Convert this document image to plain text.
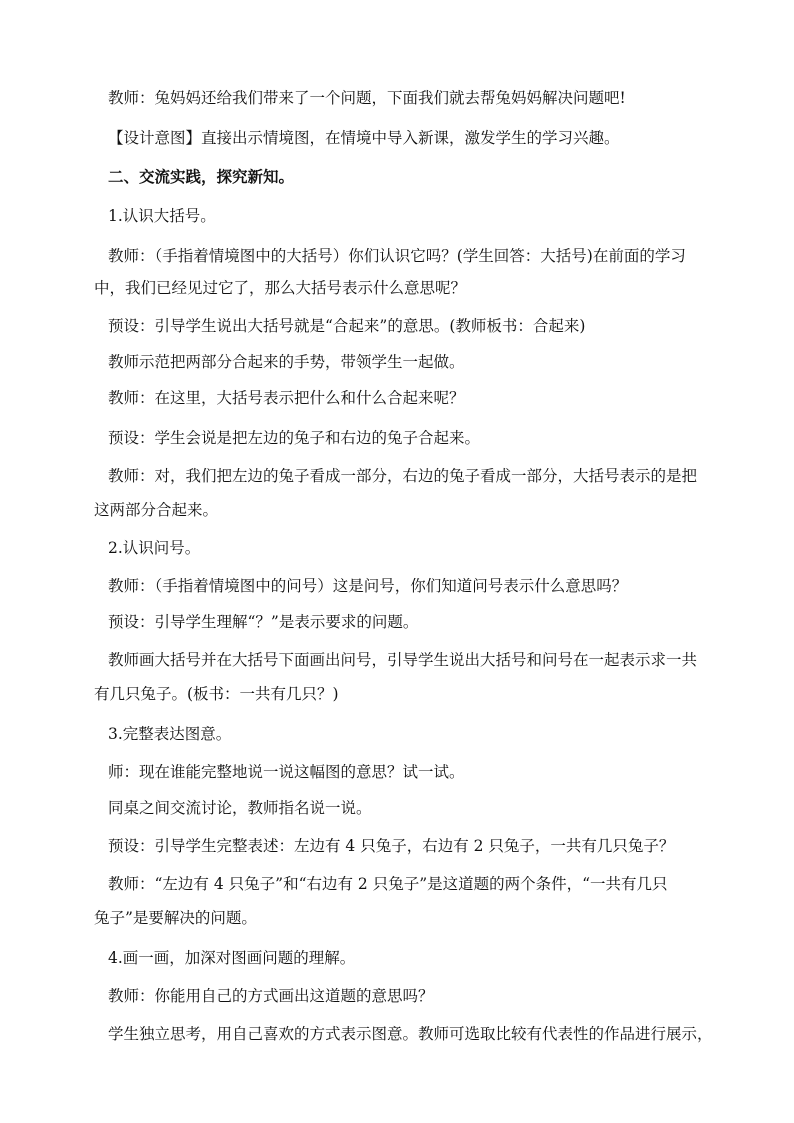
教师：兔妈妈还给我们带来了一个问题，下面我们就去帮兔妈妈解决问题吧!
【设计意图】直接出示情境图，在情境中导入新课，激发学生的学习兴趣。
二、交流实践，探究新知。
1.认识大括号。
教师：（手指着情境图中的大括号）你们认识它吗？(学生回答：大括号)在前面的学习
中，我们已经见过它了，那么大括号表示什么意思呢？
预设：引导学生说出大括号就是“合起来”的意思。(教师板书：合起来)
教师示范把两部分合起来的手势，带领学生一起做。
教师：在这里，大括号表示把什么和什么合起来呢？
预设：学生会说是把左边的兔子和右边的兔子合起来。
教师：对，我们把左边的兔子看成一部分，右边的兔子看成一部分，大括号表示的是把
这两部分合起来。
2.认识问号。
教师：（手指着情境图中的问号）这是问号，你们知道问号表示什么意思吗？
预设：引导学生理解“？”是表示要求的问题。
教师画大括号并在大括号下面画出问号，引导学生说出大括号和问号在一起表示求一共
有几只兔子。(板书：一共有几只？)
3.完整表达图意。
师：现在谁能完整地说一说这幅图的意思？试一试。
同桌之间交流讨论，教师指名说一说。
预设：引导学生完整表述：左边有 4 只兔子，右边有 2 只兔子，一共有几只兔子？
教师：“左边有 4 只兔子”和“右边有 2 只兔子”是这道题的两个条件，“一共有几只
兔子”是要解决的问题。
4.画一画，加深对图画问题的理解。
教师：你能用自己的方式画出这道题的意思吗？
学生独立思考，用自己喜欢的方式表示图意。教师可选取比较有代表性的作品进行展示，
